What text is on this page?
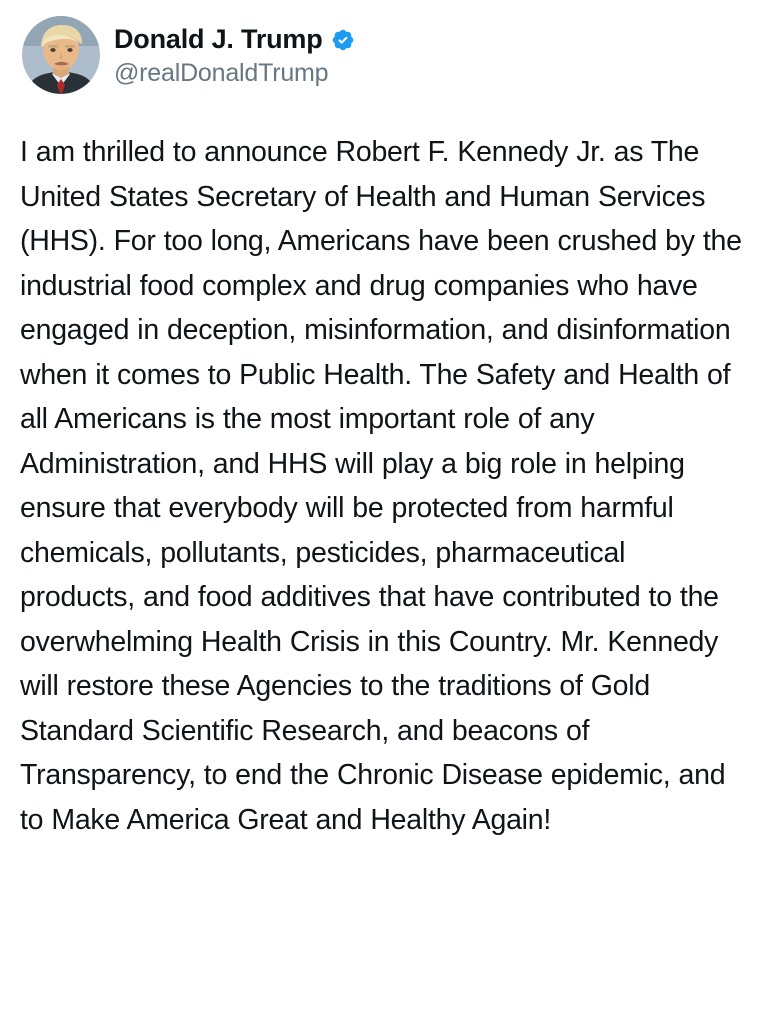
Donald J. Trump
@realDonaldTrump
I am thrilled to announce Robert F. Kennedy Jr. as The United States Secretary of Health and Human Services (HHS). For too long, Americans have been crushed by the industrial food complex and drug companies who have engaged in deception, misinformation, and disinformation when it comes to Public Health. The Safety and Health of all Americans is the most important role of any Administration, and HHS will play a big role in helping ensure that everybody will be protected from harmful chemicals, pollutants, pesticides, pharmaceutical products, and food additives that have contributed to the overwhelming Health Crisis in this Country. Mr. Kennedy will restore these Agencies to the traditions of Gold Standard Scientific Research, and beacons of Transparency, to end the Chronic Disease epidemic, and to Make America Great and Healthy Again!
